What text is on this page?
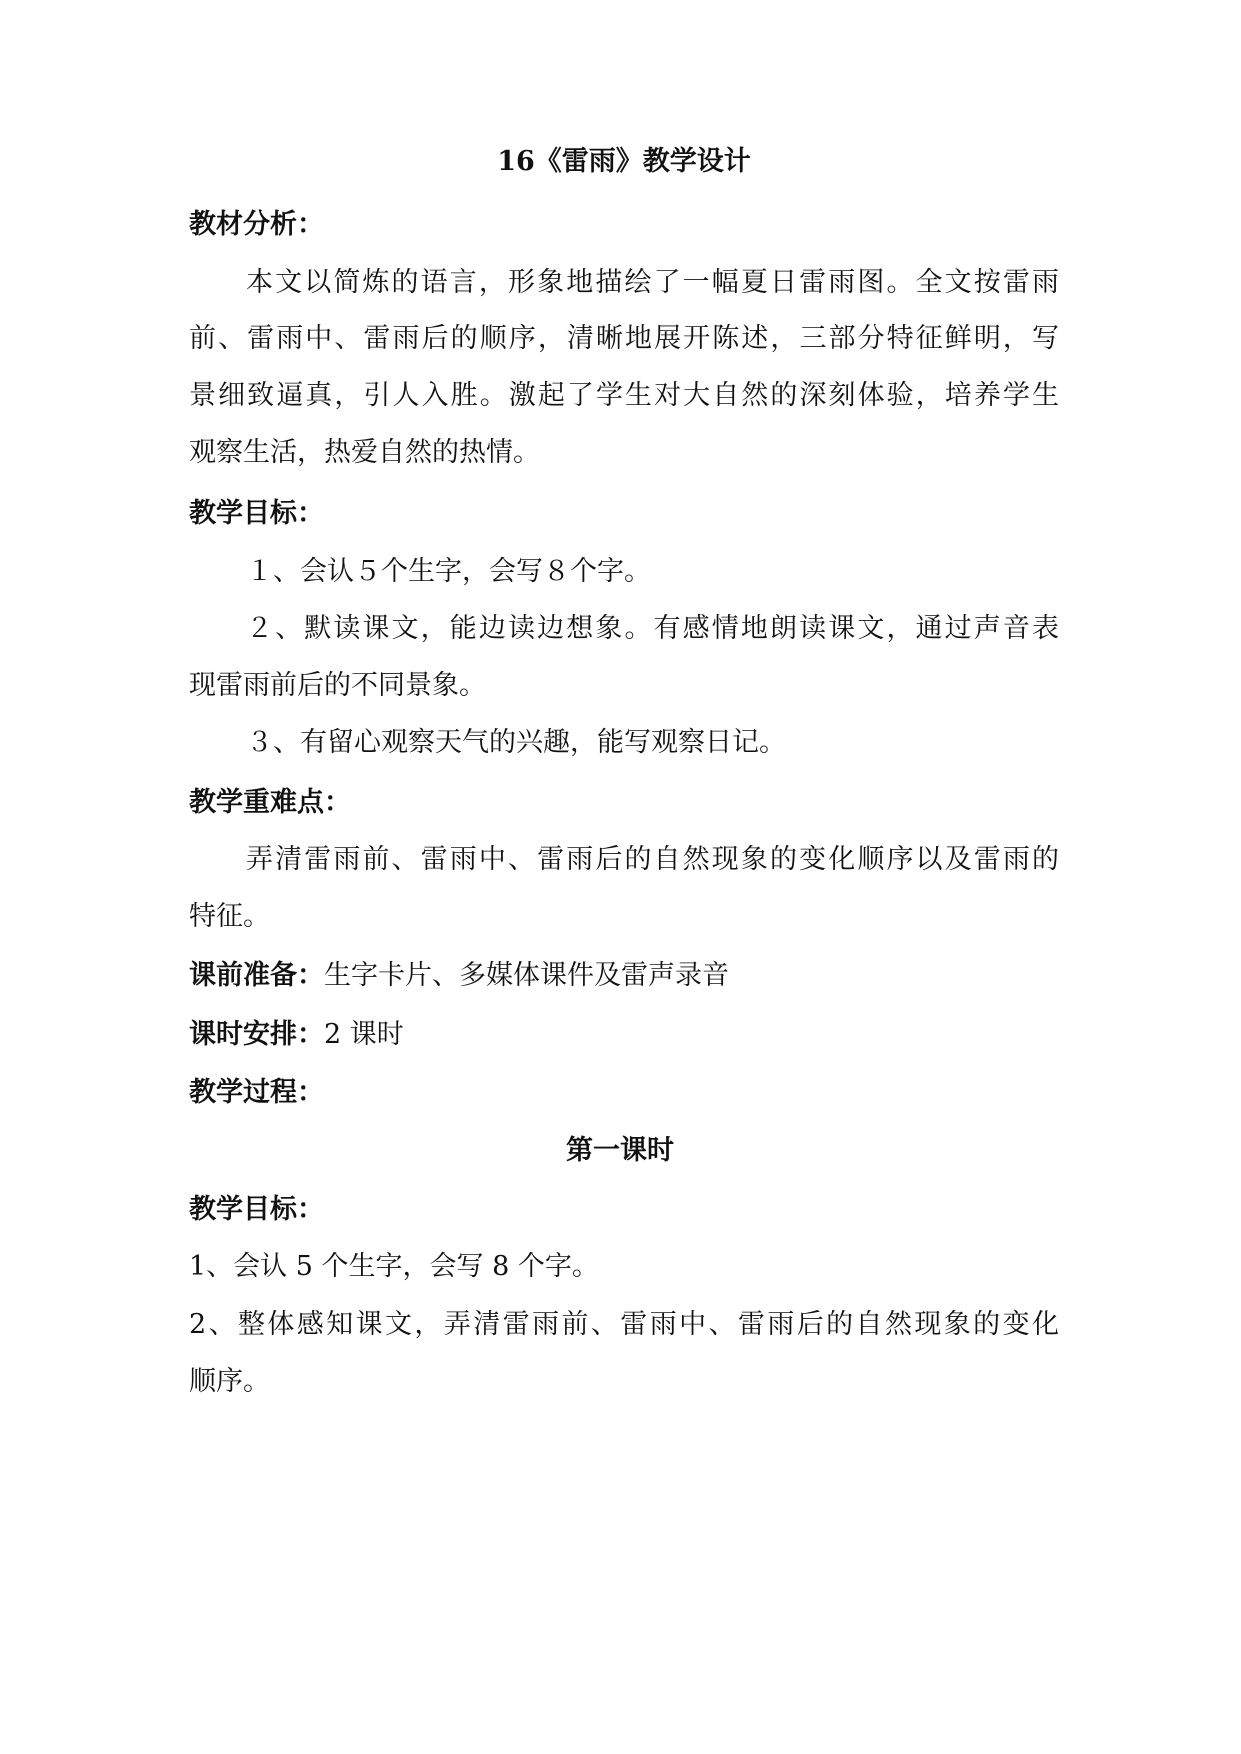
16《雷雨》教学设计
教材分析：
本文以简炼的语言，形象地描绘了一幅夏日雷雨图。全文按雷雨
前、雷雨中、雷雨后的顺序，清晰地展开陈述，三部分特征鲜明，写
景细致逼真，引人入胜。激起了学生对大自然的深刻体验，培养学生
观察生活，热爱自然的热情。
教学目标：
１、会认５个生字，会写８个字。
２、默读课文，能边读边想象。有感情地朗读课文，通过声音表
现雷雨前后的不同景象。
３、有留心观察天气的兴趣，能写观察日记。
教学重难点：
弄清雷雨前、雷雨中、雷雨后的自然现象的变化顺序以及雷雨的
特征。
课前准备：生字卡片、多媒体课件及雷声录音
课时安排：2 课时
教学过程：
第一课时
教学目标：
1、会认 5 个生字，会写 8 个字。
2、整体感知课文，弄清雷雨前、雷雨中、雷雨后的自然现象的变化
顺序。
